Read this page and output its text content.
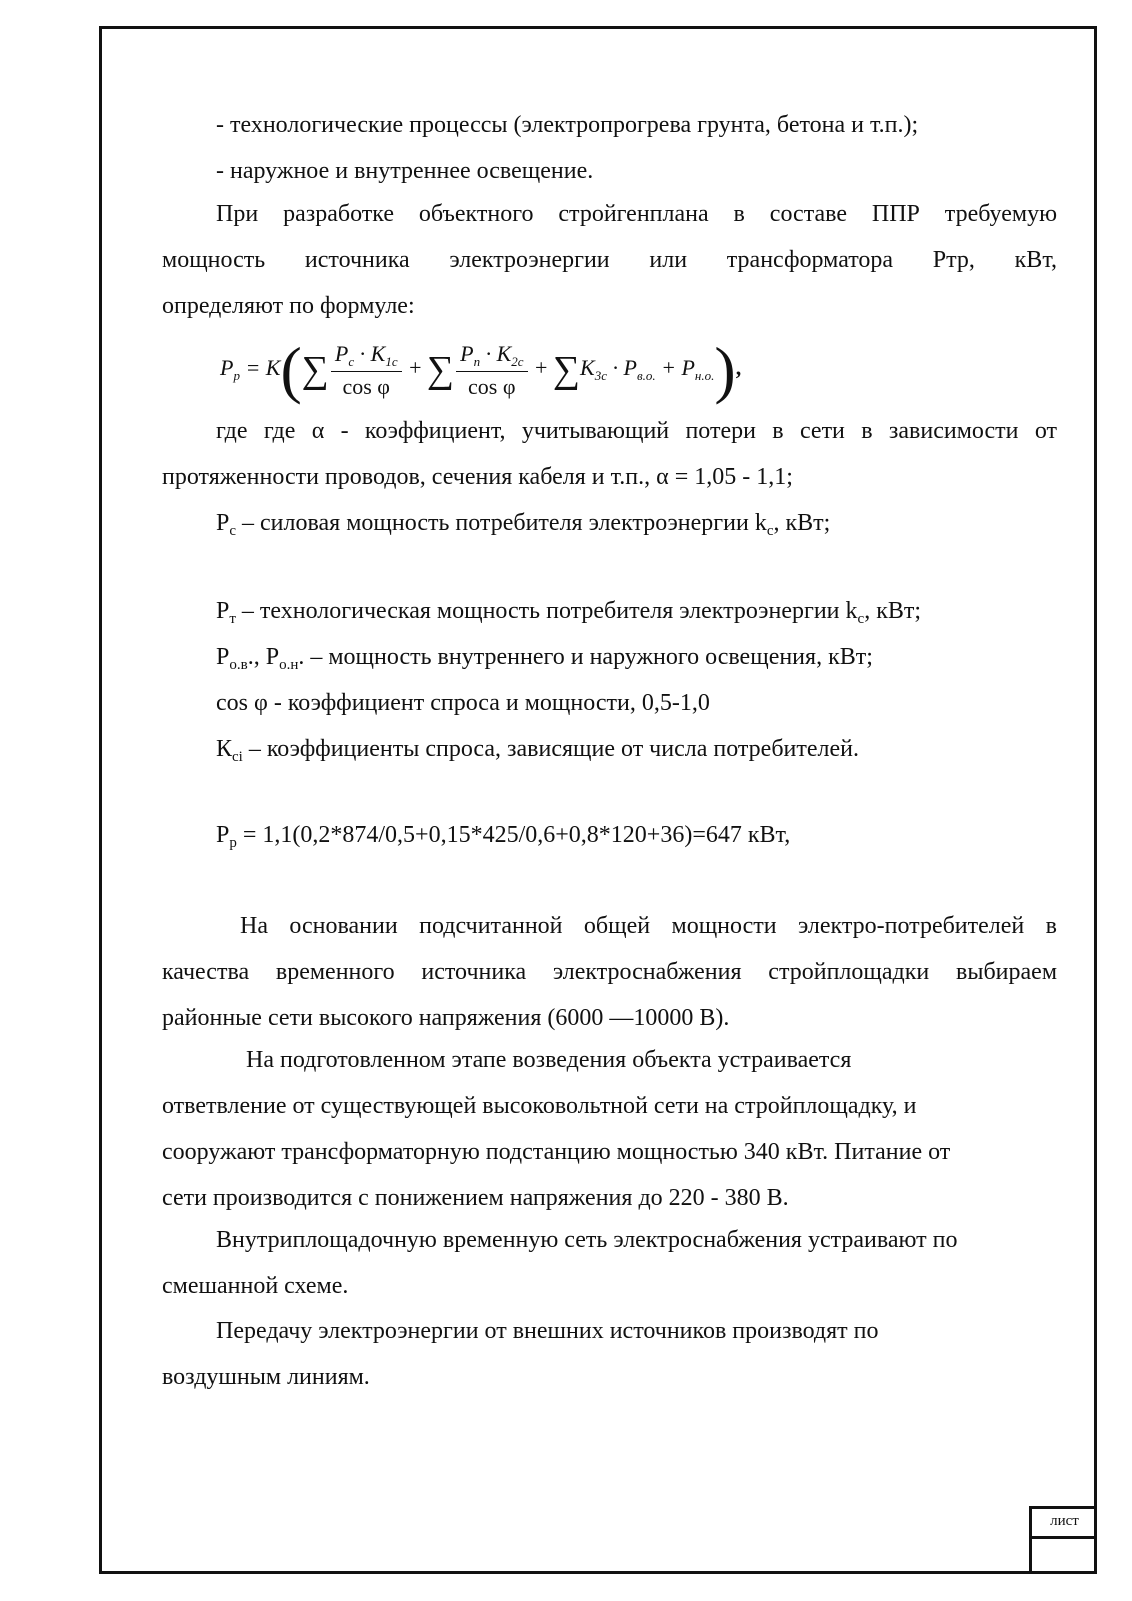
лист
- технологические процессы (электропрогрева грунта, бетона и т.п.);
- наружное и внутреннее освещение.
При разработке объектного стройгенплана в составе ППР требуемую
мощность источника электроэнергии или трансформатора Ртр, кВт,
определяют по формуле:
$P_p = K(\sum \frac{P_c \cdot K_{1c}}{\text{cos φ}}$ + ∑ $\frac{P_n \cdot K_{2c}}{\text{cos φ}} + \sum K_{3c} \cdot P_{в.о.} + P_{н.о.}$),
где где α - коэффициент, учитывающий потери в сети в зависимости от
протяженности проводов, сечения кабеля и т.п., α = 1,05 - 1,1;
$Р_с$ – силовая мощность потребителя электроэнергии $k_с$, кВт;
$Р_т$ – технологическая мощность потребителя электроэнергии $k_с$, кВт;
$Р_{о.в}$., $Р_{о.н}$. – мощность внутреннего и наружного освещения, кВт;
cos φ - коэффициент спроса и мощности, 0,5-1,0
$К_{ci}$ – коэффициенты спроса, зависящие от числа потребителей.
$Р_р = 1,1(0,2*874/0,5+0,15*425/0,6+0,8*120+36)=647$ кВт,
На основании подсчитанной общей мощности электро-потребителей в
качества временного источника электроснабжения стройплощадки выбираем
районные сети высокого напряжения (6000 —10000 В).
На подготовленном этапе возведения объекта устраивается
ответвление от существующей высоковольтной сети на стройплощадку, и
сооружают трансформаторную подстанцию мощностью 340 кВт. Питание от
сети производится с понижением напряжения до 220 - 380 В.
Внутриплощадочную временную сеть электроснабжения устраивают по
смешанной схеме.
Передачу электроэнергии от внешних источников производят по
воздушным линиям.
